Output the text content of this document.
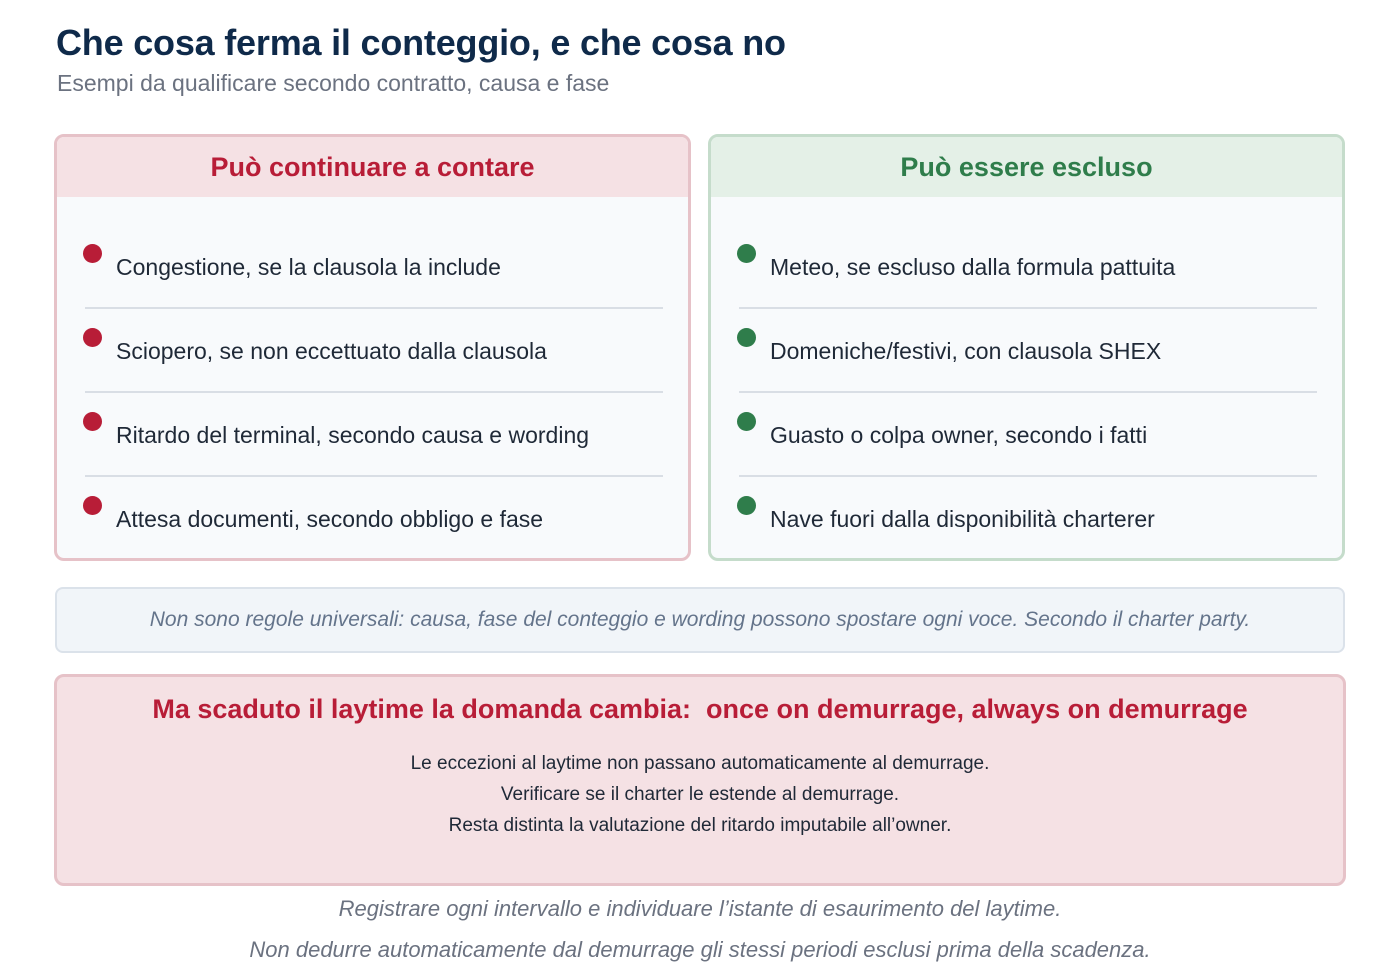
Che cosa ferma il conteggio, e che cosa no
Esempi da qualificare secondo contratto, causa e fase
Può continuare a contare
Congestione, se la clausola la include
Sciopero, se non eccettuato dalla clausola
Ritardo del terminal, secondo causa e wording
Attesa documenti, secondo obbligo e fase
Può essere escluso
Meteo, se escluso dalla formula pattuita
Domeniche/festivi, con clausola SHEX
Guasto o colpa owner, secondo i fatti
Nave fuori dalla disponibilità charterer
Non sono regole universali: causa, fase del conteggio e wording possono spostare ogni voce. Secondo il charter party.
Ma scaduto il laytime la domanda cambia:  once on demurrage, always on demurrage
Le eccezioni al laytime non passano automaticamente al demurrage.
Verificare se il charter le estende al demurrage.
Resta distinta la valutazione del ritardo imputabile all’owner.
Registrare ogni intervallo e individuare l’istante di esaurimento del laytime.
Non dedurre automaticamente dal demurrage gli stessi periodi esclusi prima della scadenza.
